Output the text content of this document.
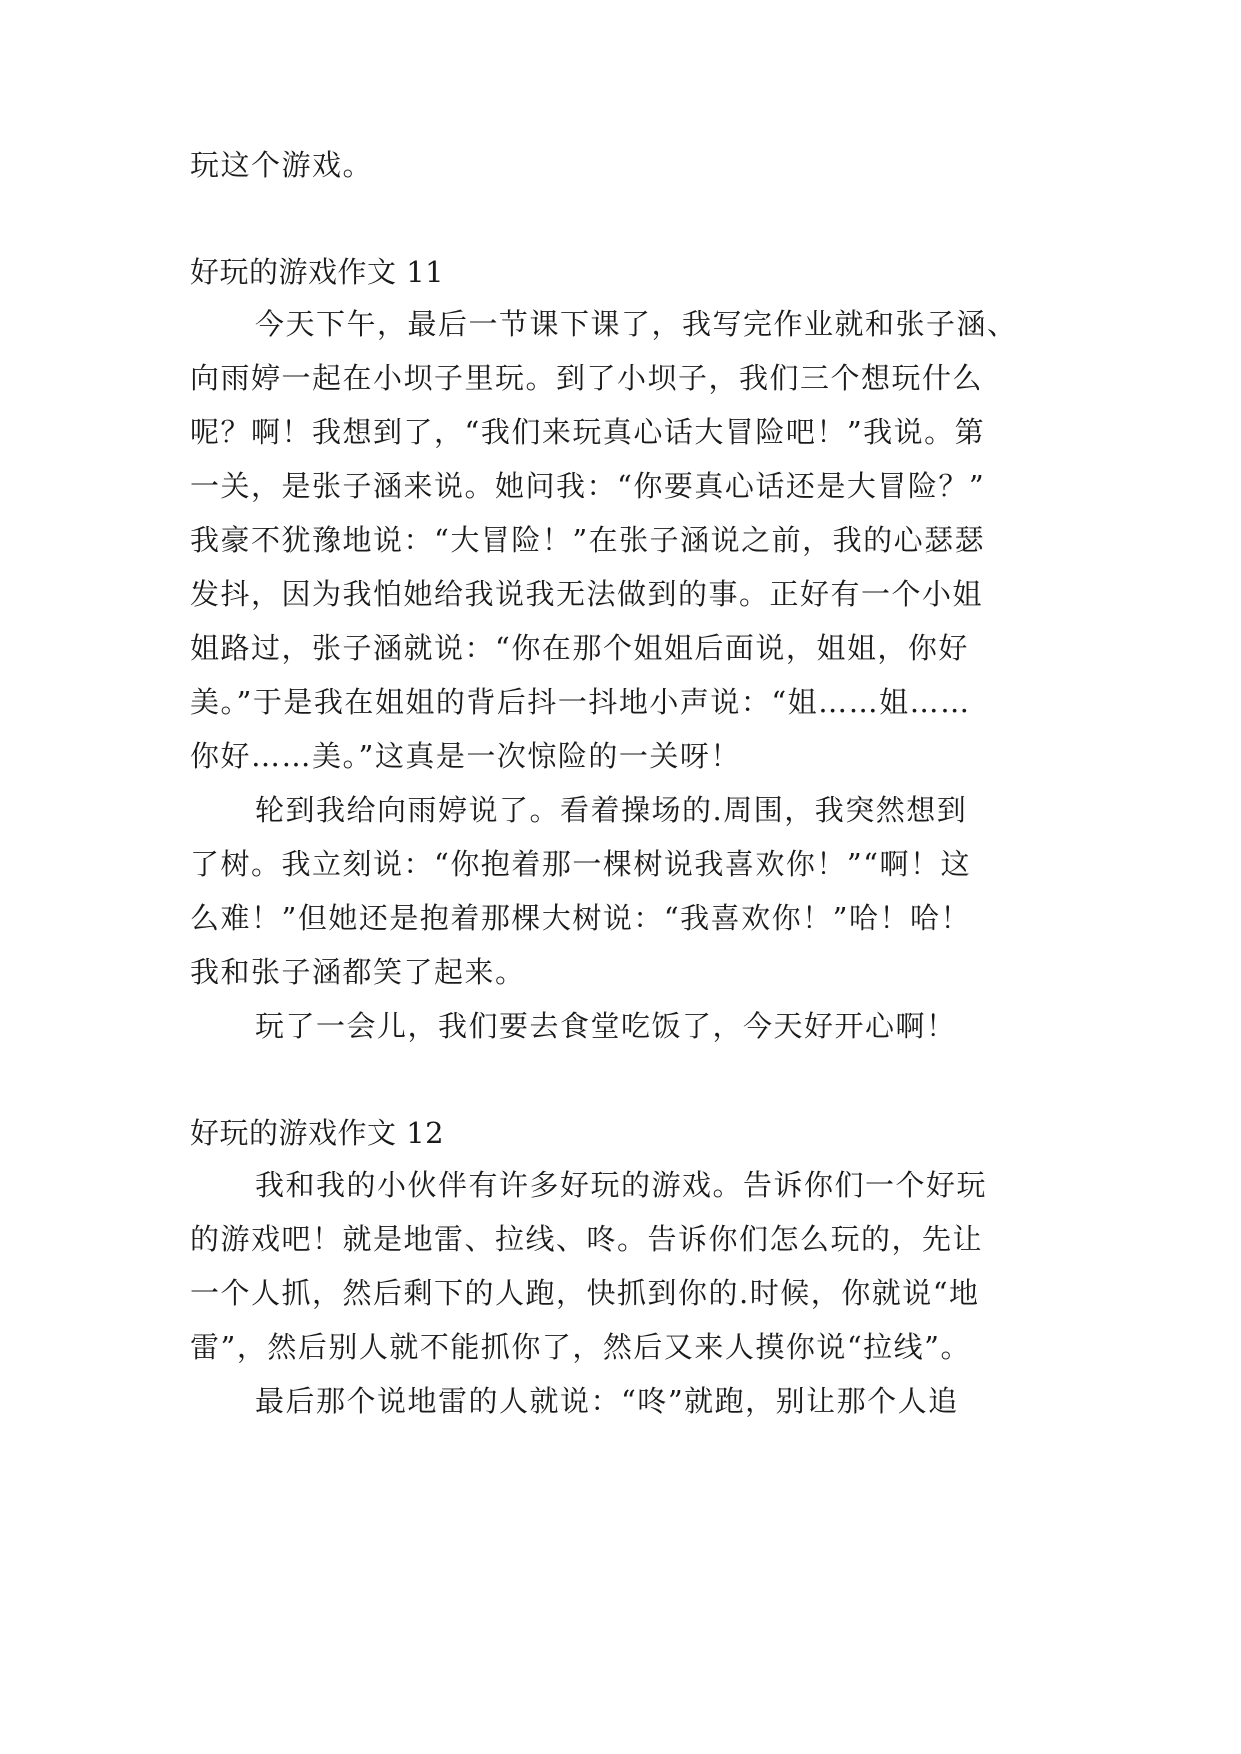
玩这个游戏。
好玩的游戏作文 11
今天下午，最后一节课下课了，我写完作业就和张子涵、
向雨婷一起在小坝子里玩。到了小坝子，我们三个想玩什么
呢？啊！我想到了，“我们来玩真心话大冒险吧！”我说。第
一关，是张子涵来说。她问我：“你要真心话还是大冒险？”
我豪不犹豫地说：“大冒险！”在张子涵说之前，我的心瑟瑟
发抖，因为我怕她给我说我无法做到的事。正好有一个小姐
姐路过，张子涵就说：“你在那个姐姐后面说，姐姐，你好
美。”于是我在姐姐的背后抖一抖地小声说：“姐……姐……
你好……美。”这真是一次惊险的一关呀！
轮到我给向雨婷说了。看着操场的.周围，我突然想到
了树。我立刻说：“你抱着那一棵树说我喜欢你！”“啊！这
么难！”但她还是抱着那棵大树说：“我喜欢你！”哈！哈！
我和张子涵都笑了起来。
玩了一会儿，我们要去食堂吃饭了，今天好开心啊！
好玩的游戏作文 12
我和我的小伙伴有许多好玩的游戏。告诉你们一个好玩
的游戏吧！就是地雷、拉线、咚。告诉你们怎么玩的，先让
一个人抓，然后剩下的人跑，快抓到你的.时候，你就说“地
雷”，然后别人就不能抓你了，然后又来人摸你说“拉线”。
最后那个说地雷的人就说：“咚”就跑，别让那个人追
